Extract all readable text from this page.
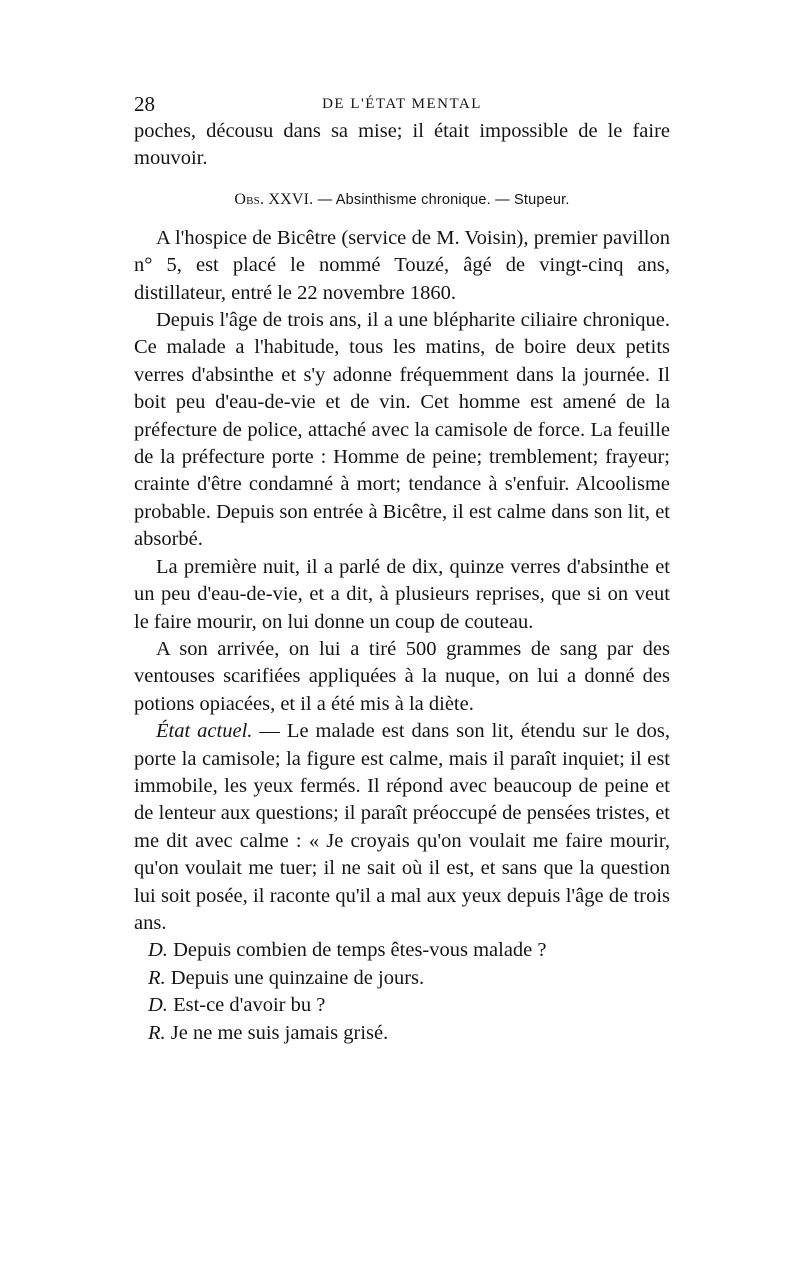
28	DE L'ÉTAT MENTAL

poches, décousu dans sa mise; il était impossible de le faire mouvoir.

Obs. XXVI. — Absinthisme chronique. — Stupeur.

A l'hospice de Bicêtre (service de M. Voisin), premier pavillon n° 5, est placé le nommé Touzé, âgé de vingt-cinq ans, distillateur, entré le 22 novembre 1860.

Depuis l'âge de trois ans, il a une blépharite ciliaire chronique. Ce malade a l'habitude, tous les matins, de boire deux petits verres d'absinthe et s'y adonne fréquemment dans la journée. Il boit peu d'eau-de-vie et de vin. Cet homme est amené de la préfecture de police, attaché avec la camisole de force. La feuille de la préfecture porte : Homme de peine; tremblement; frayeur; crainte d'être condamné à mort; tendance à s'enfuir. Alcoolisme probable. Depuis son entrée à Bicêtre, il est calme dans son lit, et absorbé.

La première nuit, il a parlé de dix, quinze verres d'absinthe et un peu d'eau-de-vie, et a dit, à plusieurs reprises, que si on veut le faire mourir, on lui donne un coup de couteau.

A son arrivée, on lui a tiré 500 grammes de sang par des ventouses scarifiées appliquées à la nuque, on lui a donné des potions opiacées, et il a été mis à la diète.

État actuel. — Le malade est dans son lit, étendu sur le dos, porte la camisole; la figure est calme, mais il paraît inquiet; il est immobile, les yeux fermés. Il répond avec beaucoup de peine et de lenteur aux questions; il paraît préoccupé de pensées tristes, et me dit avec calme : « Je croyais qu'on voulait me faire mourir, qu'on voulait me tuer; il ne sait où il est, et sans que la question lui soit posée, il raconte qu'il a mal aux yeux depuis l'âge de trois ans.

D. Depuis combien de temps êtes-vous malade ?

R. Depuis une quinzaine de jours.

D. Est-ce d'avoir bu ?

R. Je ne me suis jamais grisé.
